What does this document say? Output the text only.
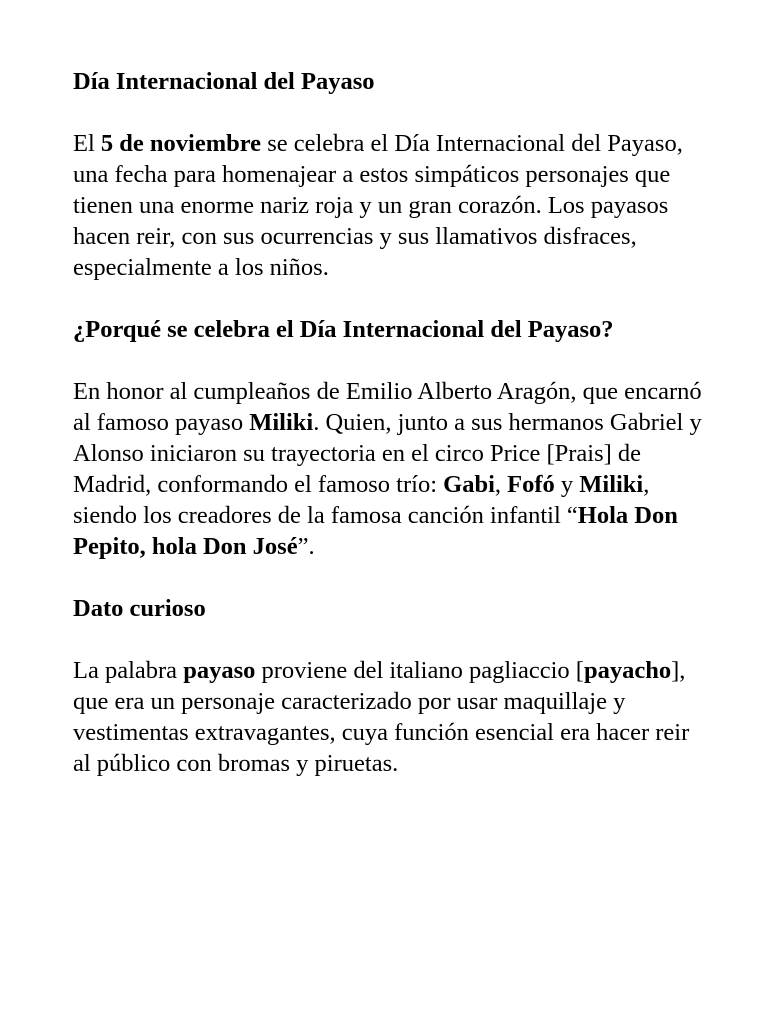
Día Internacional del Payaso

El 5 de noviembre se celebra el Día Internacional del Payaso, una fecha para homenajear a estos simpáticos personajes que tienen una enorme nariz roja y un gran corazón. Los payasos hacen reir, con sus ocurrencias y sus llamativos disfraces, especialmente a los niños.

¿Porqué se celebra el Día Internacional del Payaso?

En honor al cumpleaños de Emilio Alberto Aragón, que encarnó al famoso payaso Miliki. Quien, junto a sus hermanos Gabriel y Alonso iniciaron su trayectoria en el circo Price [Prais] de Madrid, conformando el famoso trío: Gabi, Fofó y Miliki, siendo los creadores de la famosa canción infantil “Hola Don Pepito, hola Don José”.

Dato curioso

La palabra payaso proviene del italiano pagliaccio [payacho], que era un personaje caracterizado por usar maquillaje y vestimentas extravagantes, cuya función esencial era hacer reir al público con bromas y piruetas.
